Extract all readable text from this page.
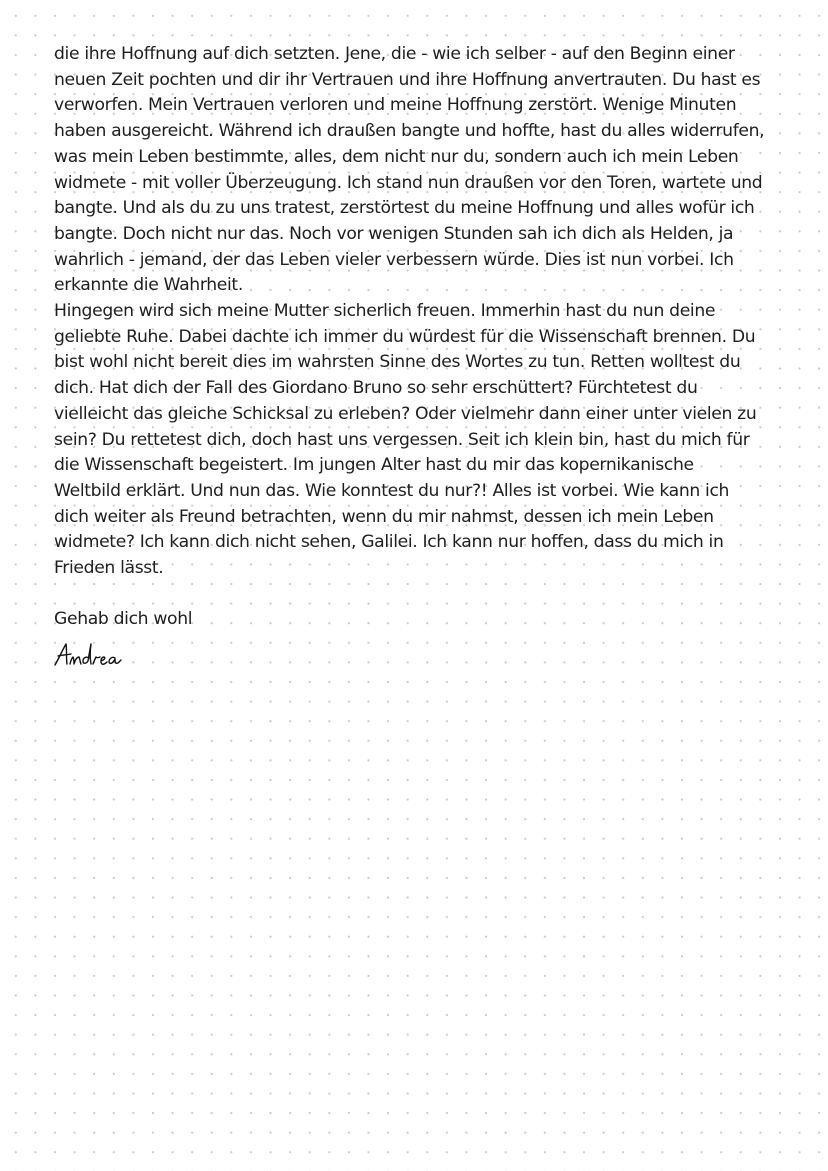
die ihre Hoffnung auf dich setzten. Jene, die - wie ich selber - auf den Beginn einer
neuen Zeit pochten und dir ihr Vertrauen und ihre Hoffnung anvertrauten. Du hast es
verworfen. Mein Vertrauen verloren und meine Hoffnung zerstört. Wenige Minuten
haben ausgereicht. Während ich draußen bangte und hoffte, hast du alles widerrufen,
was mein Leben bestimmte, alles, dem nicht nur du, sondern auch ich mein Leben
widmete - mit voller Überzeugung. Ich stand nun draußen vor den Toren, wartete und
bangte. Und als du zu uns tratest, zerstörtest du meine Hoffnung und alles wofür ich
bangte. Doch nicht nur das. Noch vor wenigen Stunden sah ich dich als Helden, ja
wahrlich - jemand, der das Leben vieler verbessern würde. Dies ist nun vorbei. Ich
erkannte die Wahrheit.
Hingegen wird sich meine Mutter sicherlich freuen. Immerhin hast du nun deine
geliebte Ruhe. Dabei dachte ich immer du würdest für die Wissenschaft brennen. Du
bist wohl nicht bereit dies im wahrsten Sinne des Wortes zu tun. Retten wolltest du
dich. Hat dich der Fall des Giordano Bruno so sehr erschüttert? Fürchtetest du
vielleicht das gleiche Schicksal zu erleben? Oder vielmehr dann einer unter vielen zu
sein? Du rettetest dich, doch hast uns vergessen. Seit ich klein bin, hast du mich für
die Wissenschaft begeistert. Im jungen Alter hast du mir das kopernikanische
Weltbild erklärt. Und nun das. Wie konntest du nur?! Alles ist vorbei. Wie kann ich
dich weiter als Freund betrachten, wenn du mir nahmst, dessen ich mein Leben
widmete? Ich kann dich nicht sehen, Galilei. Ich kann nur hoffen, dass du mich in
Frieden lässt.
Gehab dich wohl
